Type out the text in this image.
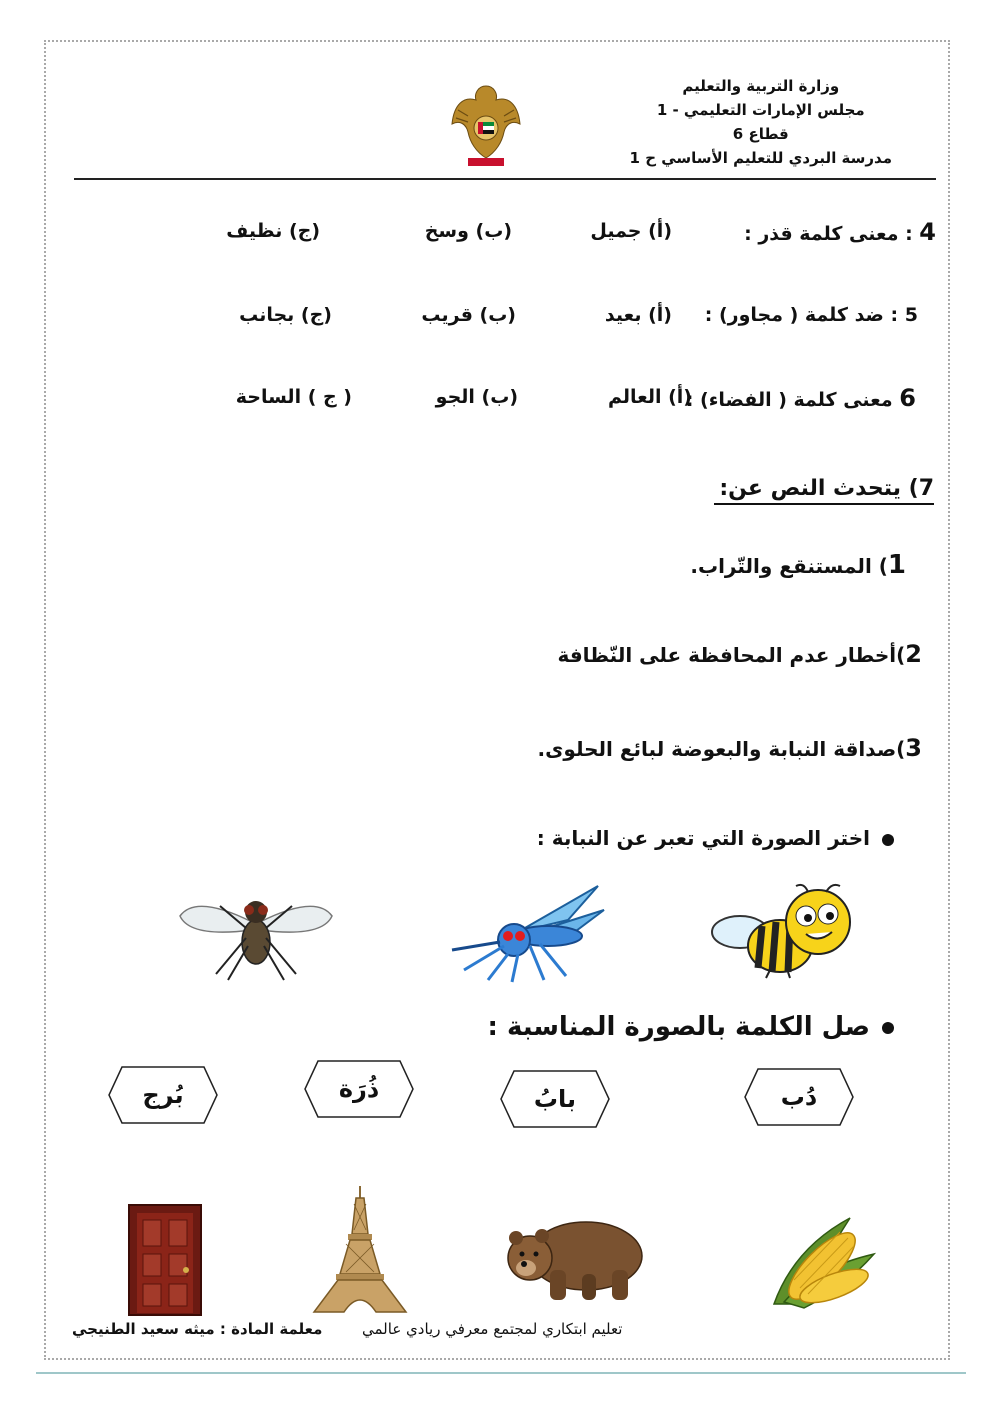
وزارة التربية والتعليم
مجلس الإمارات التعليمي - 1
قطاع 6
مدرسة البردي للتعليم الأساسي ح 1
4 : معنى كلمة قذر :
(أ) جميل
(ب) وسخ
(ج) نظيف
5 : ضد كلمة ( مجاور) :
(أ) بعيد
(ب) قريب
(ج) بجانب
6 معنى كلمة ( الفضاء) :
(أ) العالم
(ب) الجو
( ج ) الساحة
7) يتحدث النص عن:
1) المستنقع والتّراب.
2)أخطار عدم المحافظة على النّظافة
3)صداقة النبابة والبعوضة لبائع الحلوى.
اختر الصورة التي تعبر عن النبابة :
صل الكلمة بالصورة المناسبة :
دُب
بابُ
ذُرَة
بُرج
معلمة المادة : ميثه سعيد الطنيجي	تعليم ابتكاري لمجتمع معرفي ريادي عالمي
